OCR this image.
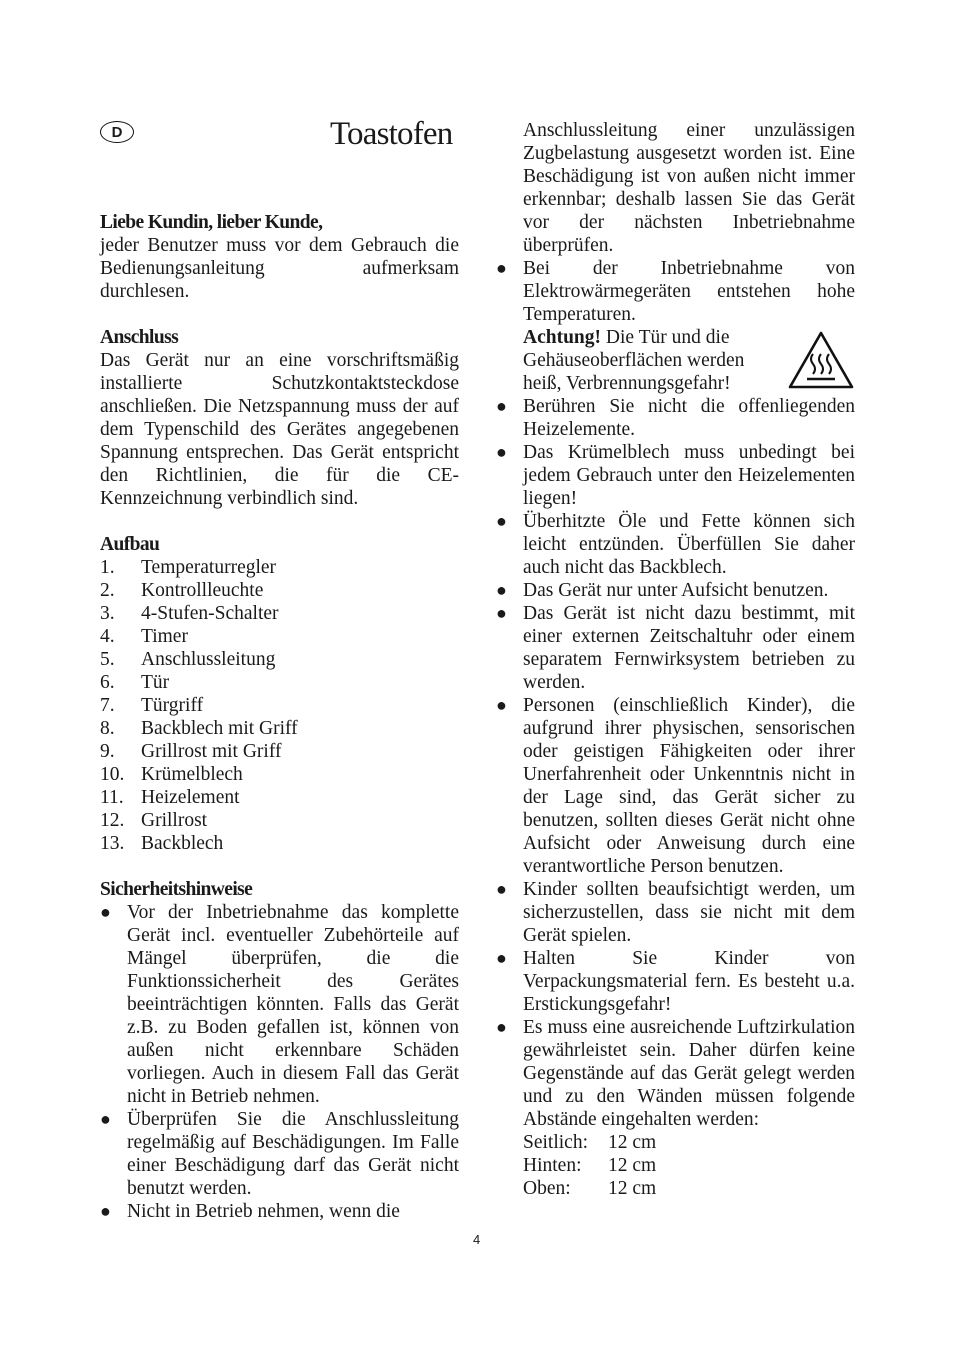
D	Toastofen

Liebe Kundin, lieber Kunde,

jeder Benutzer muss vor dem Gebrauch die Bedienungsanleitung aufmerksam durchlesen.

Anschluss

Das Gerät nur an eine vorschriftsmäßig installierte Schutzkontaktsteckdose anschließen. Die Netzspannung muss der auf dem Typenschild des Gerätes angegebenen Spannung entsprechen. Das Gerät entspricht den Richtlinien, die für die CE-Kennzeichnung verbindlich sind.

Aufbau

1.	Temperaturregler
2.	Kontrollleuchte
3.	4-Stufen-Schalter
4.	Timer
5.	Anschlussleitung
6.	Tür
7.	Türgriff
8.	Backblech mit Griff
9.	Grillrost mit Griff
10. Krümelblech
11. Heizelement
12. Grillrost
13. Backblech

Sicherheitshinweise

● Vor der Inbetriebnahme das komplette Gerät incl. eventueller Zubehörteile auf Mängel überprüfen, die die Funktionssicherheit des Gerätes beeinträchtigen könnten. Falls das Gerät z.B. zu Boden gefallen ist, können von außen nicht erkennbare Schäden vorliegen. Auch in diesem Fall das Gerät nicht in Betrieb nehmen.

● Überprüfen Sie die Anschlussleitung regelmäßig auf Beschädigungen. Im Falle einer Beschädigung darf das Gerät nicht benutzt werden.

● Nicht in Betrieb nehmen, wenn die

Anschlussleitung einer unzulässigen Zugbelastung ausgesetzt worden ist. Eine Beschädigung ist von außen nicht immer erkennbar; deshalb lassen Sie das Gerät vor der nächsten Inbetriebnahme überprüfen.

● Bei der Inbetriebnahme von Elektrowärmegeräten entstehen hohe Temperaturen.

Achtung! Die Tür und die Gehäuseoberflächen werden heiß, Verbrennungsgefahr!

● Berühren Sie nicht die offenliegenden Heizelemente.

● Das Krümelblech muss unbedingt bei jedem Gebrauch unter den Heizelementen liegen!

● Überhitzte Öle und Fette können sich leicht entzünden. Überfüllen Sie daher auch nicht das Backblech.

● Das Gerät nur unter Aufsicht benutzen.

● Das Gerät ist nicht dazu bestimmt, mit einer externen Zeitschaltuhr oder einem separatem Fernwirksystem betrieben zu werden.

● Personen (einschließlich Kinder), die aufgrund ihrer physischen, sensorischen oder geistigen Fähigkeiten oder ihrer Unerfahrenheit oder Unkenntnis nicht in der Lage sind, das Gerät sicher zu benutzen, sollten dieses Gerät nicht ohne Aufsicht oder Anweisung durch eine verantwortliche Person benutzen.

● Kinder sollten beaufsichtigt werden, um sicherzustellen, dass sie nicht mit dem Gerät spielen.

● Halten Sie Kinder von Verpackungsmaterial fern. Es besteht u.a. Erstickungsgefahr!

● Es muss eine ausreichende Luftzirkulation gewährleistet sein. Daher dürfen keine Gegenstände auf das Gerät gelegt werden und zu den Wänden müssen folgende Abstände eingehalten werden:

Seitlich:	12 cm
Hinten:	12 cm
Oben:	12 cm
4
